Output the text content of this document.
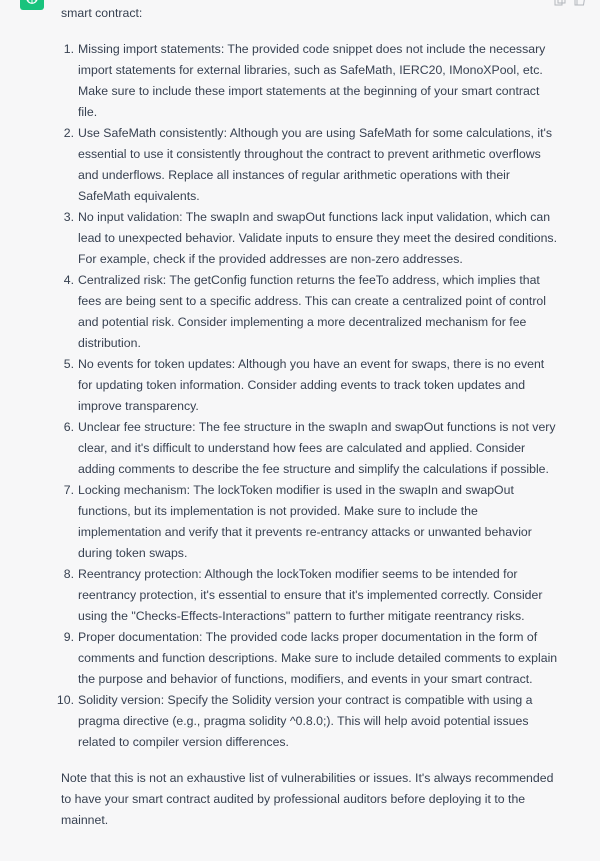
smart contract:

1. Missing import statements: The provided code snippet does not include the necessary import statements for external libraries, such as SafeMath, IERC20, IMonoXPool, etc. Make sure to include these import statements at the beginning of your smart contract file.
2. Use SafeMath consistently: Although you are using SafeMath for some calculations, it's essential to use it consistently throughout the contract to prevent arithmetic overflows and underflows. Replace all instances of regular arithmetic operations with their SafeMath equivalents.
3. No input validation: The swapIn and swapOut functions lack input validation, which can lead to unexpected behavior. Validate inputs to ensure they meet the desired conditions. For example, check if the provided addresses are non-zero addresses.
4. Centralized risk: The getConfig function returns the feeTo address, which implies that fees are being sent to a specific address. This can create a centralized point of control and potential risk. Consider implementing a more decentralized mechanism for fee distribution.
5. No events for token updates: Although you have an event for swaps, there is no event for updating token information. Consider adding events to track token updates and improve transparency.
6. Unclear fee structure: The fee structure in the swapIn and swapOut functions is not very clear, and it's difficult to understand how fees are calculated and applied. Consider adding comments to describe the fee structure and simplify the calculations if possible.
7. Locking mechanism: The lockToken modifier is used in the swapIn and swapOut functions, but its implementation is not provided. Make sure to include the implementation and verify that it prevents re-entrancy attacks or unwanted behavior during token swaps.
8. Reentrancy protection: Although the lockToken modifier seems to be intended for reentrancy protection, it's essential to ensure that it's implemented correctly. Consider using the "Checks-Effects-Interactions" pattern to further mitigate reentrancy risks.
9. Proper documentation: The provided code lacks proper documentation in the form of comments and function descriptions. Make sure to include detailed comments to explain the purpose and behavior of functions, modifiers, and events in your smart contract.
10. Solidity version: Specify the Solidity version your contract is compatible with using a pragma directive (e.g., pragma solidity ^0.8.0;). This will help avoid potential issues related to compiler version differences.

Note that this is not an exhaustive list of vulnerabilities or issues. It's always recommended to have your smart contract audited by professional auditors before deploying it to the mainnet.
